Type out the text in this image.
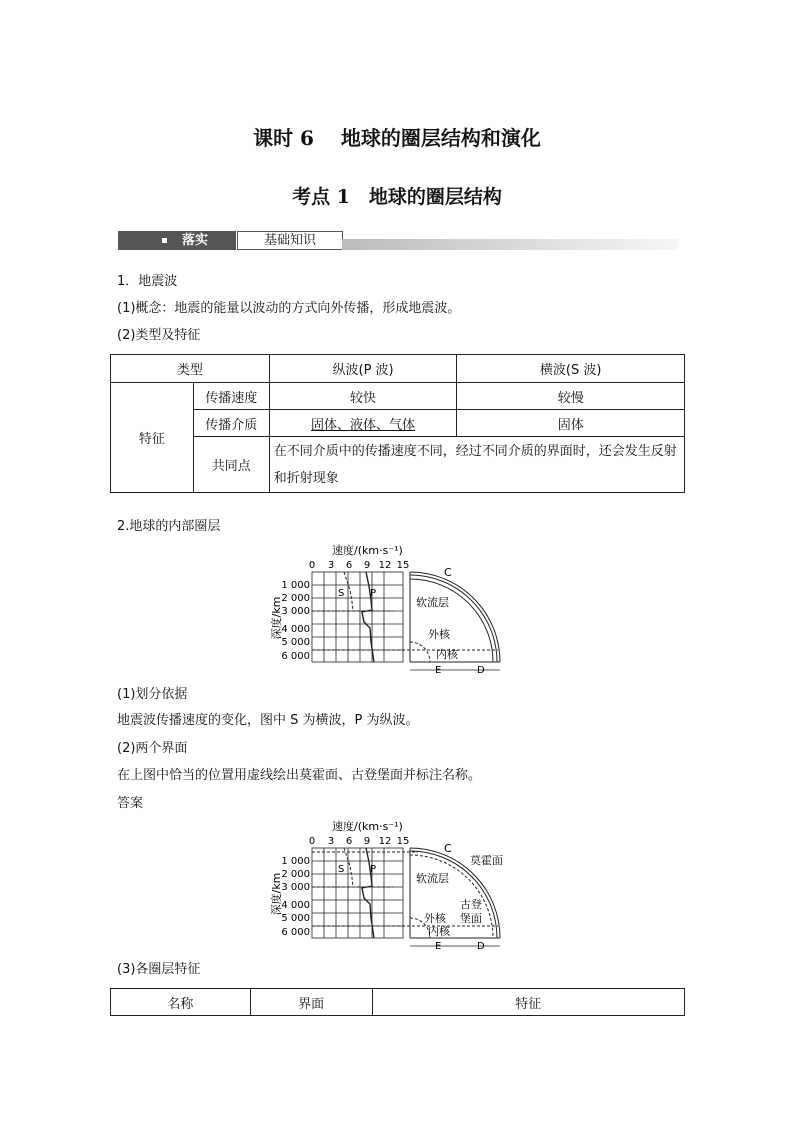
课时 6　 地球的圈层结构和演化
考点 1　地球的圈层结构
落实	基础知识
1．地震波
(1)概念：地震的能量以波动的方式向外传播，形成地震波。
(2)类型及特征
类型		纵波(P 波)	横波(S 波)
特征	传播速度	较快	较慢
	传播介质	固体、液体、气体	固体
	共同点	在不同介质中的传播速度不同，经过不同介质的界面时，还会发生反射和折射现象	
2.地球的内部圈层
速度/(km·s⁻¹)
0 3 6 9 12 15
深度/km
1 000
2 000
3 000
4 000
5 000
6 000
S	P
C
软流层
外核
内核
E	D
(1)划分依据
地震波传播速度的变化，图中 S 为横波，P 为纵波。
(2)两个界面
在上图中恰当的位置用虚线绘出莫霍面、古登堡面并标注名称。
答案
速度/(km·s⁻¹)
0 3 6 9 12 15
深度/km
1 000
2 000
3 000
4 000
5 000
6 000
S	P
C
莫霍面
软流层
古登
堡面
外核
内核
E	D
(3)各圈层特征
名称	界面	特征
